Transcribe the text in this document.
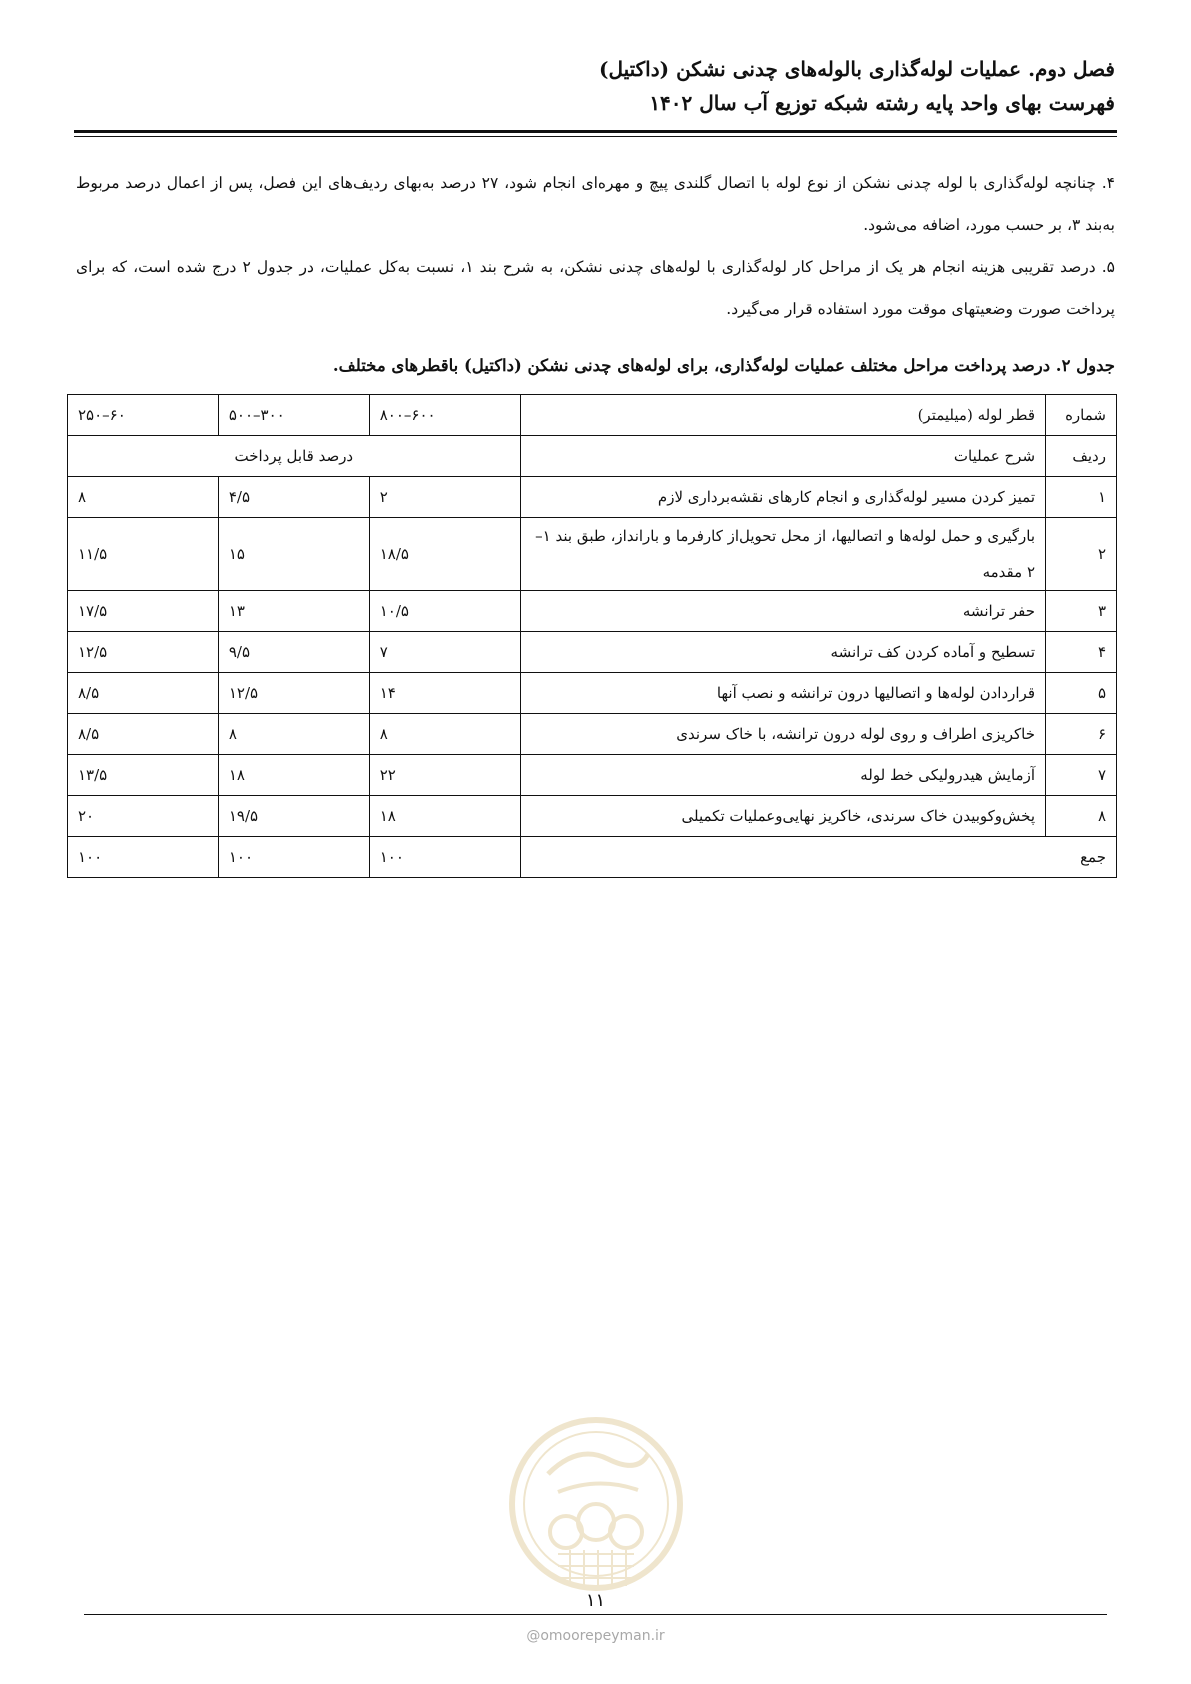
فصل دوم. عملیات لوله‌گذاری بالوله‌های چدنی نشکن (داکتیل)
فهرست بهای واحد پایه رشته شبکه توزیع آب سال ۱۴۰۲

۴. چنانچه لوله‌گذاری با لوله چدنی نشکن از نوع لوله با اتصال گلندی پیچ و مهره‌ای انجام شود، ۲۷ درصد به‌بهای ردیف‌های این فصل، پس از اعمال درصد مربوط به‌بند ۳، بر حسب مورد، اضافه می‌شود.

۵. درصد تقریبی هزینه انجام هر یک از مراحل کار لوله‌گذاری با لوله‌های چدنی نشکن، به شرح بند ۱، نسبت به‌کل عملیات، در جدول ۲ درج شده است، که برای پرداخت صورت وضعیتهای موقت مورد استفاده قرار می‌گیرد.

جدول ۲. درصد پرداخت مراحل مختلف عملیات لوله‌گذاری، برای لوله‌های چدنی نشکن (داکتیل) باقطرهای مختلف.
شماره	قطر لوله (میلیمتر)	۶۰۰–۸۰۰	۳۰۰–۵۰۰	۶۰–۲۵۰
ردیف	شرح عملیات	درصد قابل پرداخت		
۱	تمیز کردن مسیر لوله‌گذاری و انجام کارهای نقشه‌برداری لازم	۲	۴/۵	۸
۲	بارگیری و حمل لوله‌ها و اتصالیها، از محل تحویل‌از کارفرما و بارانداز، طبق بند ۱–۲ مقدمه	۱۸/۵	۱۵	۱۱/۵
۳	حفر ترانشه	۱۰/۵	۱۳	۱۷/۵
۴	تسطیح و آماده کردن کف ترانشه	۷	۹/۵	۱۲/۵
۵	قراردادن لوله‌ها و اتصالیها درون ترانشه و نصب آنها	۱۴	۱۲/۵	۸/۵
۶	خاکریزی اطراف و روی لوله درون ترانشه، با خاک سرندی	۸	۸	۸/۵
۷	آزمایش هیدرولیکی خط لوله	۲۲	۱۸	۱۳/۵
۸	پخش‌وکوبیدن خاک سرندی، خاکریز نهایی‌وعملیات تکمیلی	۱۸	۱۹/۵	۲۰
جمع		۱۰۰	۱۰۰	۱۰۰
۱۱
@omoorepeyman.ir
